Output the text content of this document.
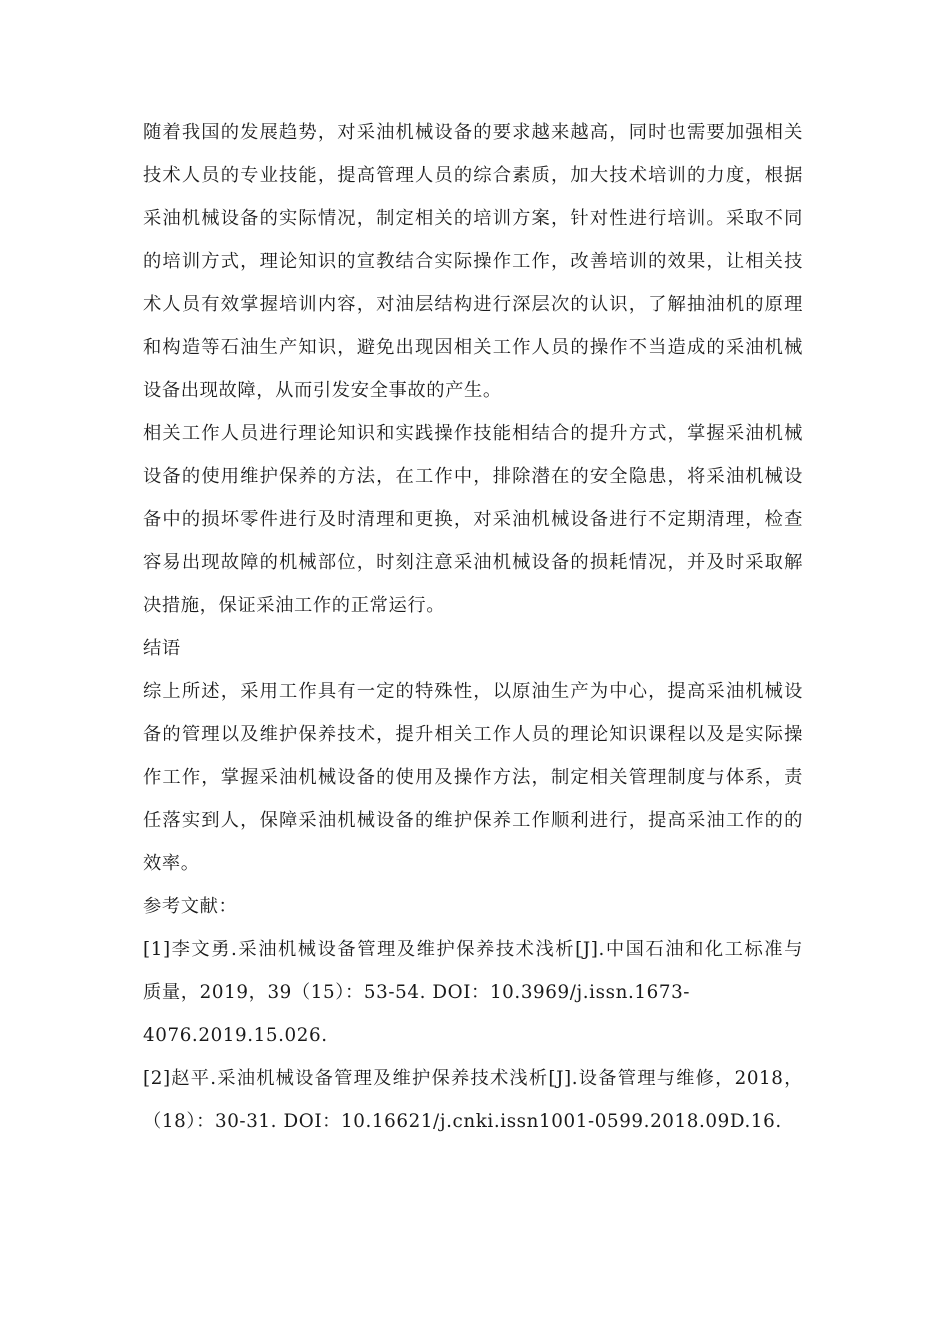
随着我国的发展趋势，对采油机械设备的要求越来越高，同时也需要加强相关
技术人员的专业技能，提高管理人员的综合素质，加大技术培训的力度，根据
采油机械设备的实际情况，制定相关的培训方案，针对性进行培训。采取不同
的培训方式，理论知识的宣教结合实际操作工作，改善培训的效果，让相关技
术人员有效掌握培训内容，对油层结构进行深层次的认识，了解抽油机的原理
和构造等石油生产知识，避免出现因相关工作人员的操作不当造成的采油机械
设备出现故障，从而引发安全事故的产生。

相关工作人员进行理论知识和实践操作技能相结合的提升方式，掌握采油机械
设备的使用维护保养的方法，在工作中，排除潜在的安全隐患，将采油机械设
备中的损坏零件进行及时清理和更换，对采油机械设备进行不定期清理，检查
容易出现故障的机械部位，时刻注意采油机械设备的损耗情况，并及时采取解
决措施，保证采油工作的正常运行。

结语

综上所述，采用工作具有一定的特殊性，以原油生产为中心，提高采油机械设
备的管理以及维护保养技术，提升相关工作人员的理论知识课程以及是实际操
作工作，掌握采油机械设备的使用及操作方法，制定相关管理制度与体系，责
任落实到人，保障采油机械设备的维护保养工作顺利进行，提高采油工作的的
效率。

参考文献：

[1]李文勇.采油机械设备管理及维护保养技术浅析[J].中国石油和化工标准与
质量，2019，39（15）：53-54. DOI：10.3969/j.issn.1673-
4076.2019.15.026.

[2]赵平.采油机械设备管理及维护保养技术浅析[J].设备管理与维修，2018，
（18）：30-31. DOI：10.16621/j.cnki.issn1001-0599.2018.09D.16.
